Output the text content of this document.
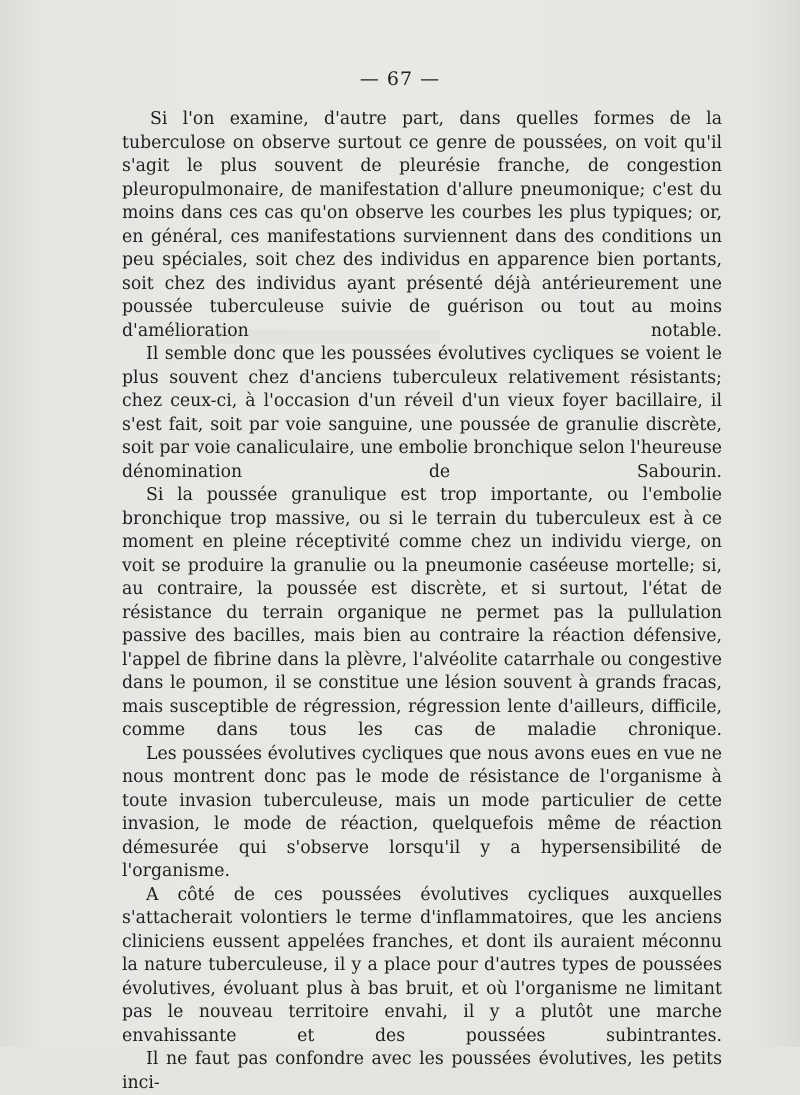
— 67 —

Si l'on examine, d'autre part, dans quelles formes de la tuberculose on observe surtout ce genre de poussées, on voit qu'il s'agit le plus souvent de pleurésie franche, de congestion pleuropulmonaire, de manifestation d'allure pneumonique; c'est du moins dans ces cas qu'on observe les courbes les plus typiques; or, en général, ces manifestations surviennent dans des conditions un peu spéciales, soit chez des individus en apparence bien portants, soit chez des individus ayant présenté déjà antérieurement une poussée tuberculeuse suivie de guérison ou tout au moins d'amélioration notable.

Il semble donc que les poussées évolutives cycliques se voient le plus souvent chez d'anciens tuberculeux relativement résistants; chez ceux-ci, à l'occasion d'un réveil d'un vieux foyer bacillaire, il s'est fait, soit par voie sanguine, une poussée de granulie discrète, soit par voie canaliculaire, une embolie bronchique selon l'heureuse dénomination de Sabourin.

Si la poussée granulique est trop importante, ou l'embolie bronchique trop massive, ou si le terrain du tuberculeux est à ce moment en pleine réceptivité comme chez un individu vierge, on voit se produire la granulie ou la pneumonie caséeuse mortelle; si, au contraire, la poussée est discrète, et si surtout, l'état de résistance du terrain organique ne permet pas la pullulation passive des bacilles, mais bien au contraire la réaction défensive, l'appel de fibrine dans la plèvre, l'alvéolite catarrhale ou congestive dans le poumon, il se constitue une lésion souvent à grands fracas, mais susceptible de régression, régression lente d'ailleurs, difficile, comme dans tous les cas de maladie chronique.

Les poussées évolutives cycliques que nous avons eues en vue ne nous montrent donc pas le mode de résistance de l'organisme à toute invasion tuberculeuse, mais un mode particulier de cette invasion, le mode de réaction, quelquefois même de réaction démesurée qui s'observe lorsqu'il y a hypersensibilité de l'organisme.

A côté de ces poussées évolutives cycliques auxquelles s'attacherait volontiers le terme d'inflammatoires, que les anciens cliniciens eussent appelées franches, et dont ils auraient méconnu la nature tuberculeuse, il y a place pour d'autres types de poussées évolutives, évoluant plus à bas bruit, et où l'organisme ne limitant pas le nouveau territoire envahi, il y a plutôt une marche envahissante et des poussées subintrantes.

Il ne faut pas confondre avec les poussées évolutives, les petits inci-
